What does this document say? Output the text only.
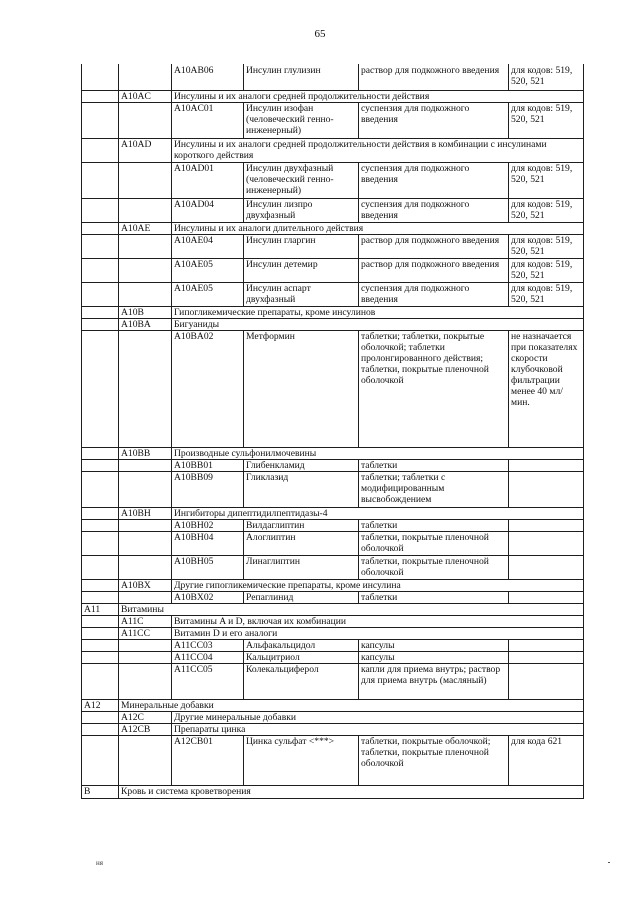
65
		A10AB06	Инсулин глулизин	раствор для подкожного введения	для кодов: 519, 520, 521
	A10AC	Инсулины и их аналоги средней продолжительности действия			
		A10AC01	Инсулин изофан (человеческий генно-инженерный)	суспензия для подкожного введения	для кодов: 519, 520, 521
	A10AD	Инсулины и их аналоги средней продолжительности действия в комбинации с инсулинами короткого действия			
		A10AD01	Инсулин двухфазный (человеческий генно-инженерный)	суспензия для подкожного введения	для кодов: 519, 520, 521
		A10AD04	Инсулин лизпро двухфазный	суспензия для подкожного введения	для кодов: 519, 520, 521
	A10AE	Инсулины и их аналоги длительного действия			
		A10AE04	Инсулин гларгин	раствор для подкожного введения	для кодов: 519, 520, 521
		A10AE05	Инсулин детемир	раствор для подкожного введения	для кодов: 519, 520, 521
		A10AE05	Инсулин аспарт двухфазный	суспензия для подкожного введения	для кодов: 519, 520, 521
	A10B	Гипогликемические препараты, кроме инсулинов			
	A10BA	Бигуаниды			
		A10BA02	Метформин	таблетки; таблетки, покрытые оболочкой; таблетки пролонгированного действия; таблетки, покрытые пленочной оболочкой	не назначается при показателях скорости клубочковой фильтрации менее 40 мл/мин.
	A10BB	Производные сульфонилмочевины			
		A10BB01	Глибенкламид	таблетки	
		A10BB09	Гликлазид	таблетки; таблетки с модифицированным высвобождением	
	A10BH	Ингибиторы дипептидилпептидазы-4			
		A10BH02	Вилдаглиптин	таблетки	
		A10BH04	Алоглиптин	таблетки, покрытые пленочной оболочкой	
		A10BH05	Линаглиптин	таблетки, покрытые пленочной оболочкой	
	A10BX	Другие гипогликемические препараты, кроме инсулина			
		A10BX02	Репаглинид	таблетки	
A11	Витамины				
	A11C	Витамины A и D, включая их комбинации			
	A11CC	Витамин D и его аналоги			
		A11CC03	Альфакальцидол	капсулы	
		A11CC04	Кальцитриол	капсулы	
		A11CC05	Колекальциферол	капли для приема внутрь; раствор для приема внутрь (масляный)	
A12	Минеральные добавки				
	A12C	Другие минеральные добавки			
	A12CB	Препараты цинка			
		A12CB01	Цинка сульфат <***>	таблетки, покрытые оболочкой; таблетки, покрытые пленочной оболочкой	для кода 621
B	Кровь и система кроветворения				
ня
